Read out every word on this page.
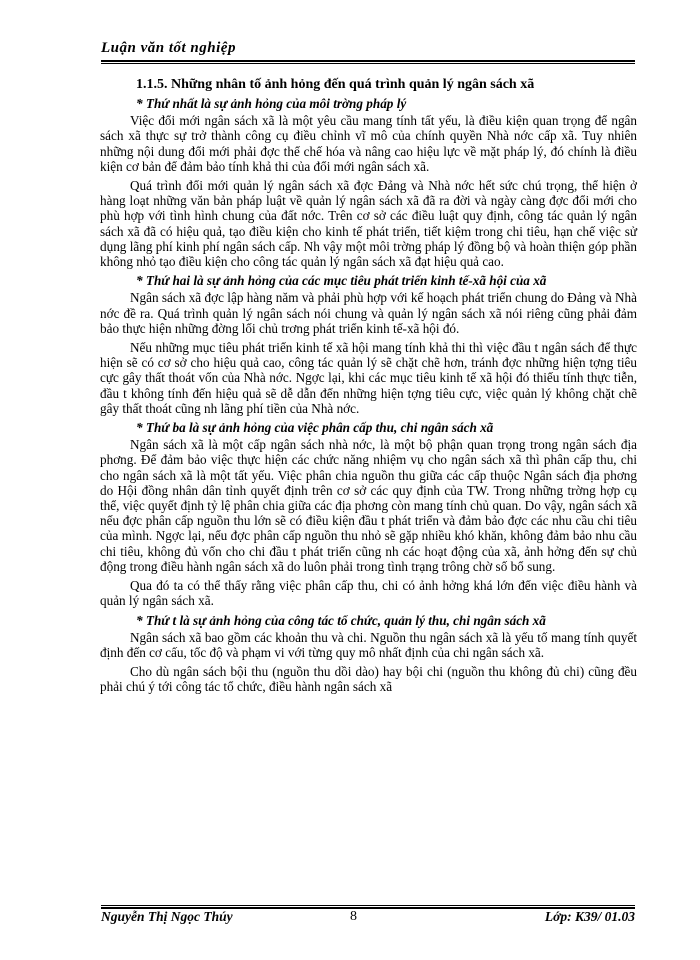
Luận văn tốt nghiệp
1.1.5. Những nhân tố ảnh hỏng đến quá trình quản lý ngân sách xã
* Thứ nhất là sự ảnh hỏng của môi trờng pháp lý

Việc đổi mới ngân sách xã là một yêu cầu mang tính tất yếu, là điều kiện quan trọng để ngân sách xã thực sự trở thành công cụ điều chỉnh vĩ mô của chính quyền Nhà nớc cấp xã. Tuy nhiên những nội dung đổi mới phải đợc thể chế hóa và nâng cao hiệu lực về mặt pháp lý, đó chính là điều kiện cơ bản để đảm bảo tính khả thi của đổi mới ngân sách xã.

Quá trình đổi mới quản lý ngân sách xã đợc Đảng và Nhà nớc hết sức chú trọng, thể hiện ở hàng loạt những văn bản pháp luật về quản lý ngân sách xã đã ra đời và ngày càng đợc đổi mới cho phù hợp với tình hình chung của đất nớc. Trên cơ sở các điều luật quy định, công tác quản lý ngân sách xã đã có hiệu quả, tạo điều kiện cho kinh tế phát triển, tiết kiệm trong chi tiêu, hạn chế việc sử dụng lãng phí kinh phí ngân sách cấp. Nh vậy một môi trờng pháp lý đồng bộ và hoàn thiện góp phần không nhỏ tạo điều kiện cho công tác quản lý ngân sách xã đạt hiệu quả cao.

* Thứ hai là sự ảnh hỏng của các mục tiêu phát triển kinh tế-xã hội của xã

Ngân sách xã đợc lập hàng năm và phải phù hợp với kế hoạch phát triển chung do Đảng và Nhà nớc đề ra. Quá trình quản lý ngân sách nói chung và quản lý ngân sách xã nói riêng cũng phải đảm bảo thực hiện những đờng lối chủ trơng phát triển kinh tế-xã hội đó.

Nếu những mục tiêu phát triển kinh tế xã hội mang tính khả thi thì việc đầu t ngân sách để thực hiện sẽ có cơ sở cho hiệu quả cao, công tác quản lý sẽ chặt chẽ hơn, tránh đợc những hiện tợng tiêu cực gây thất thoát vốn của Nhà nớc. Ngợc lại, khi các mục tiêu kinh tế xã hội đó thiếu tính thực tiễn, đầu t không tính đến hiệu quả sẽ dễ dẫn đến những hiện tợng tiêu cực, việc quản lý không chặt chẽ gây thất thoát cũng nh lãng phí tiền của Nhà nớc.

* Thứ ba là sự ảnh hỏng của việc phân cấp thu, chi ngân sách xã

Ngân sách xã là một cấp ngân sách nhà nớc, là một bộ phận quan trọng trong ngân sách địa phơng. Để đảm bảo việc thực hiện các chức năng nhiệm vụ cho ngân sách xã thì phân cấp thu, chi cho ngân sách xã là một tất yếu. Việc phân chia nguồn thu giữa các cấp thuộc Ngân sách địa phơng do Hội đồng nhân dân tỉnh quyết định trên cơ sở các quy định của TW. Trong những trờng hợp cụ thể, việc quyết định tỷ lệ phân chia giữa các địa phơng còn mang tính chủ quan. Do vậy, ngân sách xã nếu đợc phân cấp nguồn thu lớn sẽ có điều kiện đầu t phát triển và đảm bảo đợc các nhu cầu chi tiêu của mình. Ngợc lại, nếu đợc phân cấp nguồn thu nhỏ sẽ gặp nhiều khó khăn, không đảm bảo nhu cầu chi tiêu, không đủ vốn cho chi đầu t phát triển cũng nh các hoạt động của xã, ảnh hởng đến sự chủ động trong điều hành ngân sách xã do luôn phải trong tình trạng trông chờ số bổ sung.

Qua đó ta có thể thấy rằng việc phân cấp thu, chi có ảnh hởng khá lớn đến việc điều hành và quản lý ngân sách xã.

* Thứ t là sự ảnh hỏng của công tác tổ chức, quản lý thu, chi ngân sách xã

Ngân sách xã bao gồm các khoản thu và chi. Nguồn thu ngân sách xã là yếu tố mang tính quyết định đến cơ cấu, tốc độ và phạm vi với từng quy mô nhất định của chi ngân sách xã.

Cho dù ngân sách bội thu (nguồn thu dồi dào) hay bội chi (nguồn thu không đủ chi) cũng đều phải chú ý tới công tác tổ chức, điều hành ngân sách xã

Nguyễn Thị Ngọc Thúy	8	Lớp: K39/ 01.03
